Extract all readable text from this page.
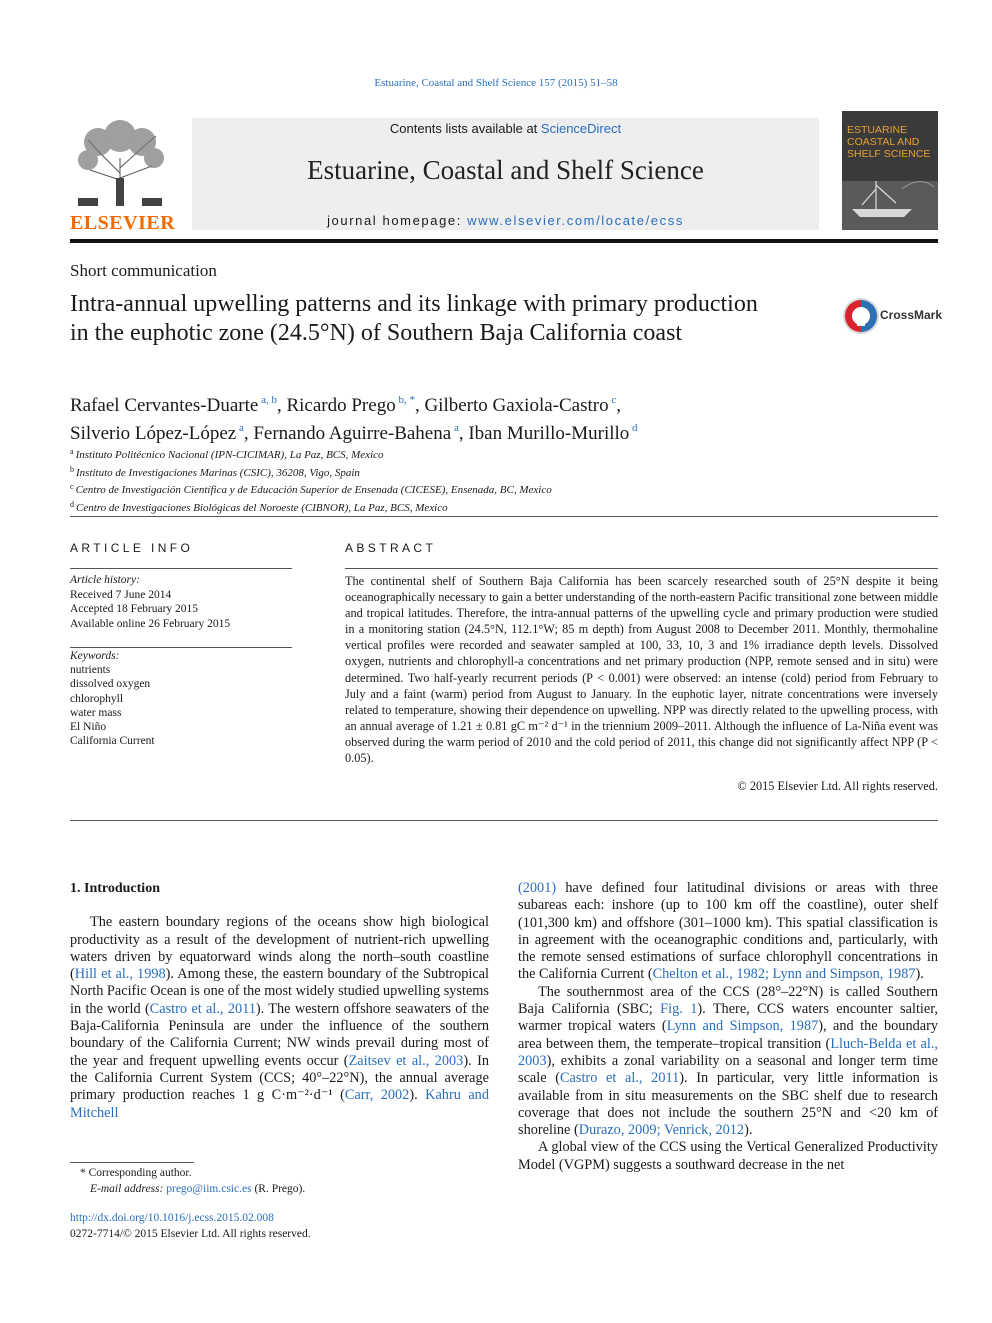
Estuarine, Coastal and Shelf Science 157 (2015) 51–58
ELSEVIER
Contents lists available at ScienceDirect
Estuarine, Coastal and Shelf Science
journal homepage: www.elsevier.com/locate/ecss
ESTUARINE
COASTAL AND
SHELF SCIENCE
Short communication
Intra-annual upwelling patterns and its linkage with primary production in the euphotic zone (24.5°N) of Southern Baja California coast
CrossMark
Rafael Cervantes-Duarte $^{a, b}$, Ricardo Prego $^{b, *}$, Gilberto Gaxiola-Castro $^c$,
Silverio López-López $^a$, Fernando Aguirre-Bahena $^a$, Iban Murillo-Murillo $^d$
$^a$ Instituto Politécnico Nacional (IPN-CICIMAR), La Paz, BCS, Mexico
$^b$ Instituto de Investigaciones Marinas (CSIC), 36208, Vigo, Spain
$^c$ Centro de Investigación Científica y de Educación Superior de Ensenada (CICESE), Ensenada, BC, Mexico
$^d$ Centro de Investigaciones Biológicas del Noroeste (CIBNOR), La Paz, BCS, Mexico
ARTICLE INFO
Article history:
Received 7 June 2014
Accepted 18 February 2015
Available online 26 February 2015
Keywords:
nutrients
dissolved oxygen
chlorophyll
water mass
El Niño
California Current
ABSTRACT
The continental shelf of Southern Baja California has been scarcely researched south of 25°N despite it being oceanographically necessary to gain a better understanding of the north-eastern Pacific transitional zone between middle and tropical latitudes. Therefore, the intra-annual patterns of the upwelling cycle and primary production were studied in a monitoring station (24.5°N, 112.1°W; 85 m depth) from August 2008 to December 2011. Monthly, thermohaline vertical profiles were recorded and seawater sampled at 100, 33, 10, 3 and 1% irradiance depth levels. Dissolved oxygen, nutrients and chlorophyll-a concentrations and net primary production (NPP, remote sensed and in situ) were determined. Two half-yearly recurrent periods (P < 0.001) were observed: an intense (cold) period from February to July and a faint (warm) period from August to January. In the euphotic layer, nitrate concentrations were inversely related to temperature, showing their dependence on upwelling. NPP was directly related to the upwelling process, with an annual average of 1.21 ± 0.81 gC m⁻² d⁻¹ in the triennium 2009–2011. Although the influence of La-Niña event was observed during the warm period of 2010 and the cold period of 2011, this change did not significantly affect NPP (P < 0.05).
© 2015 Elsevier Ltd. All rights reserved.
1. Introduction

The eastern boundary regions of the oceans show high biological productivity as a result of the development of nutrient-rich upwelling waters driven by equatorward winds along the north–south coastline (Hill et al., 1998). Among these, the eastern boundary of the Subtropical North Pacific Ocean is one of the most widely studied upwelling systems in the world (Castro et al., 2011). The western offshore seawaters of the Baja-California Peninsula are under the influence of the southern boundary of the California Current; NW winds prevail during most of the year and frequent upwelling events occur (Zaitsev et al., 2003). In the California Current System (CCS; 40°–22°N), the annual average primary production reaches 1 g C·m⁻²·d⁻¹ (Carr, 2002). Kahru and Mitchell

(2001) have defined four latitudinal divisions or areas with three subareas each: inshore (up to 100 km off the coastline), outer shelf (101,300 km) and offshore (301–1000 km). This spatial classification is in agreement with the oceanographic conditions and, particularly, with the remote sensed estimations of surface chlorophyll concentrations in the California Current (Chelton et al., 1982; Lynn and Simpson, 1987).

The southernmost area of the CCS (28°–22°N) is called Southern Baja California (SBC; Fig. 1). There, CCS waters encounter saltier, warmer tropical waters (Lynn and Simpson, 1987), and the boundary area between them, the temperate–tropical transition (Lluch-Belda et al., 2003), exhibits a zonal variability on a seasonal and longer term time scale (Castro et al., 2011). In particular, very little information is available from in situ measurements on the SBC shelf due to research coverage that does not include the southern 25°N and <20 km of shoreline (Durazo, 2009; Venrick, 2012).

A global view of the CCS using the Vertical Generalized Productivity Model (VGPM) suggests a southward decrease in the net

* Corresponding author.
E-mail address: prego@iim.csic.es (R. Prego).
http://dx.doi.org/10.1016/j.ecss.2015.02.008
0272-7714/© 2015 Elsevier Ltd. All rights reserved.
